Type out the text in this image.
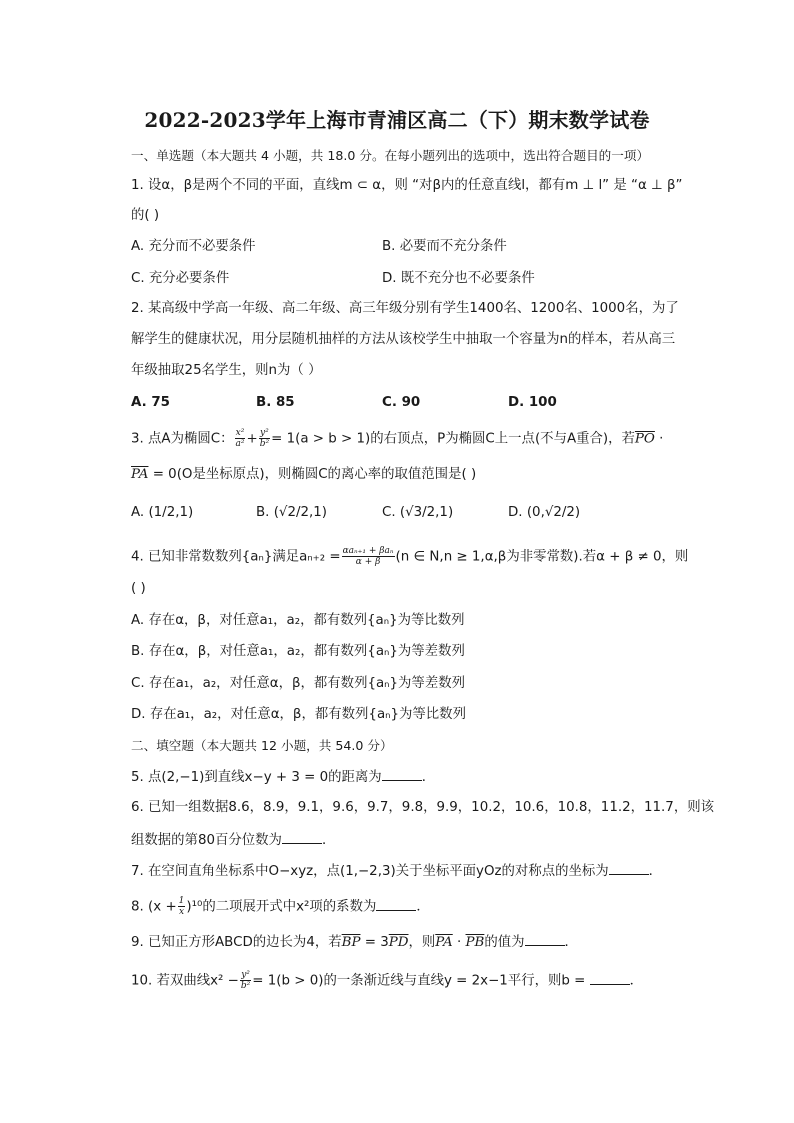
2022-2023学年上海市青浦区高二（下）期末数学试卷
一、单选题（本大题共 4 小题，共 18.0 分。在每小题列出的选项中，选出符合题目的一项）
1. 设α，β是两个不同的平面，直线m ⊂ α，则 “对β内的任意直线l，都有m ⊥ l” 是 “α ⊥ β”
的( )
A. 充分而不必要条件	B. 必要而不充分条件
C. 充分必要条件	D. 既不充分也不必要条件
2. 某高级中学高一年级、高二年级、高三年级分别有学生1400名、1200名、1000名，为了
解学生的健康状况，用分层随机抽样的方法从该校学生中抽取一个容量为n的样本，若从高三
年级抽取25名学生，则n为（ ）
A. 75	B. 85	C. 90	D. 100
3. 点A为椭圆C： $\frac{\text{x²}}{\text{a²}} + \frac{\text{y²}}{\text{b²}} = 1(a > b > 1)$的右顶点，P为椭圆C上一点(不与A重合)，若$\overline{PO}$ ·
$\overline{PA} = 0(O$是坐标原点)，则椭圆C的离心率的取值范围是( )
A. (1/2,1)	B. (√2/2,1)	C. (√3/2,1)	D. (0,√2/2)
4. 已知非常数数列{aₙ}满足$a_{n+2} = \frac{\text{αaₙ₊₁ + βaₙ}}{\alpha + \beta} (n$ ∈ N,n ≥ 1,α,β为非零常数).若α + β ≠ 0，则
( )
A. 存在α，β，对任意a₁，a₂，都有数列{aₙ}为等比数列
B. 存在α，β，对任意a₁，a₂，都有数列{aₙ}为等差数列
C. 存在a₁，a₂，对任意α，β，都有数列{aₙ}为等差数列
D. 存在a₁，a₂，对任意α，β，都有数列{aₙ}为等比数列
二、填空题（本大题共 12 小题，共 54.0 分）
5. 点(2,−1)到直线x−y + 3 = 0的距离为	．
6. 已知一组数据8.6，8.9，9.1，9.6，9.7，9.8，9.9，10.2，10.6，10.8，11.2，11.7，则该
组数据的第80百分位数为	．
7. 在空间直角坐标系中O−xyz，点(1,−2,3)关于坐标平面yOz的对称点的坐标为	．
8. $(x + \frac{1}{x} )^{10}$的二项展开式中x²项的系数为	．
9. 已知正方形ABCD的边长为4，若$\overline{BP} = 3\overline{PD}$，则$\overline{PA} \cdot \overline{PB}$的值为	．
10. 若双曲线$x^2 - \frac{\text{y²}}{\text{b²}} = 1(b > 0)$的一条渐近线与直线y = 2x−1平行，则b =	．
